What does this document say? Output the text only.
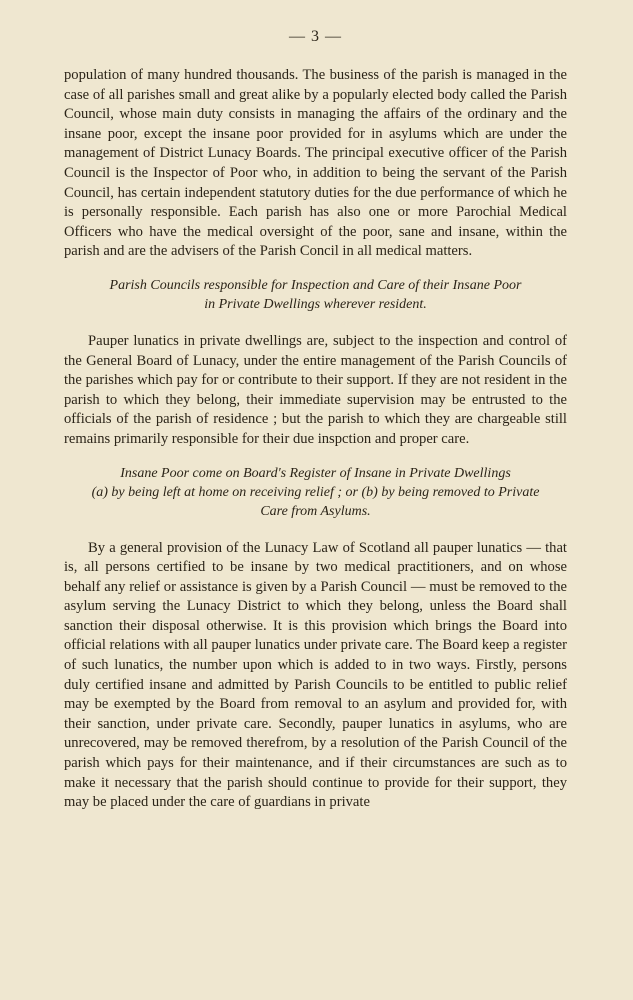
— 3 —

population of many hundred thousands. The business of the parish is managed in the case of all parishes small and great alike by a popularly elected body called the Parish Council, whose main duty consists in managing the affairs of the ordinary and the insane poor, except the insane poor provided for in asylums which are under the management of District Lunacy Boards. The principal executive officer of the Parish Council is the Inspector of Poor who, in addition to being the servant of the Parish Council, has certain independent statutory duties for the due performance of which he is personally responsible. Each parish has also one or more Parochial Medical Officers who have the medical oversight of the poor, sane and insane, within the parish and are the advisers of the Parish Concil in all medical matters.

Parish Councils responsible for Inspection and Care of their Insane Poor
in Private Dwellings wherever resident.

Pauper lunatics in private dwellings are, subject to the inspection and control of the General Board of Lunacy, under the entire management of the Parish Councils of the parishes which pay for or contribute to their support. If they are not resident in the parish to which they belong, their immediate supervision may be entrusted to the officials of the parish of residence ; but the parish to which they are chargeable still remains primarily responsible for their due inspction and proper care.

Insane Poor come on Board's Register of Insane in Private Dwellings
(a) by being left at home on receiving relief ; or (b) by being removed to Private
Care from Asylums.

By a general provision of the Lunacy Law of Scotland all pauper lunatics — that is, all persons certified to be insane by two medical practitioners, and on whose behalf any relief or assistance is given by a Parish Council — must be removed to the asylum serving the Lunacy District to which they belong, unless the Board shall sanction their disposal otherwise. It is this provision which brings the Board into official relations with all pauper lunatics under private care. The Board keep a register of such lunatics, the number upon which is added to in two ways. Firstly, persons duly certified insane and admitted by Parish Councils to be entitled to public relief may be exempted by the Board from removal to an asylum and provided for, with their sanction, under private care. Secondly, pauper lunatics in asylums, who are unrecovered, may be removed therefrom, by a resolution of the Parish Council of the parish which pays for their maintenance, and if their circumstances are such as to make it necessary that the parish should continue to provide for their support, they may be placed under the care of guardians in private
